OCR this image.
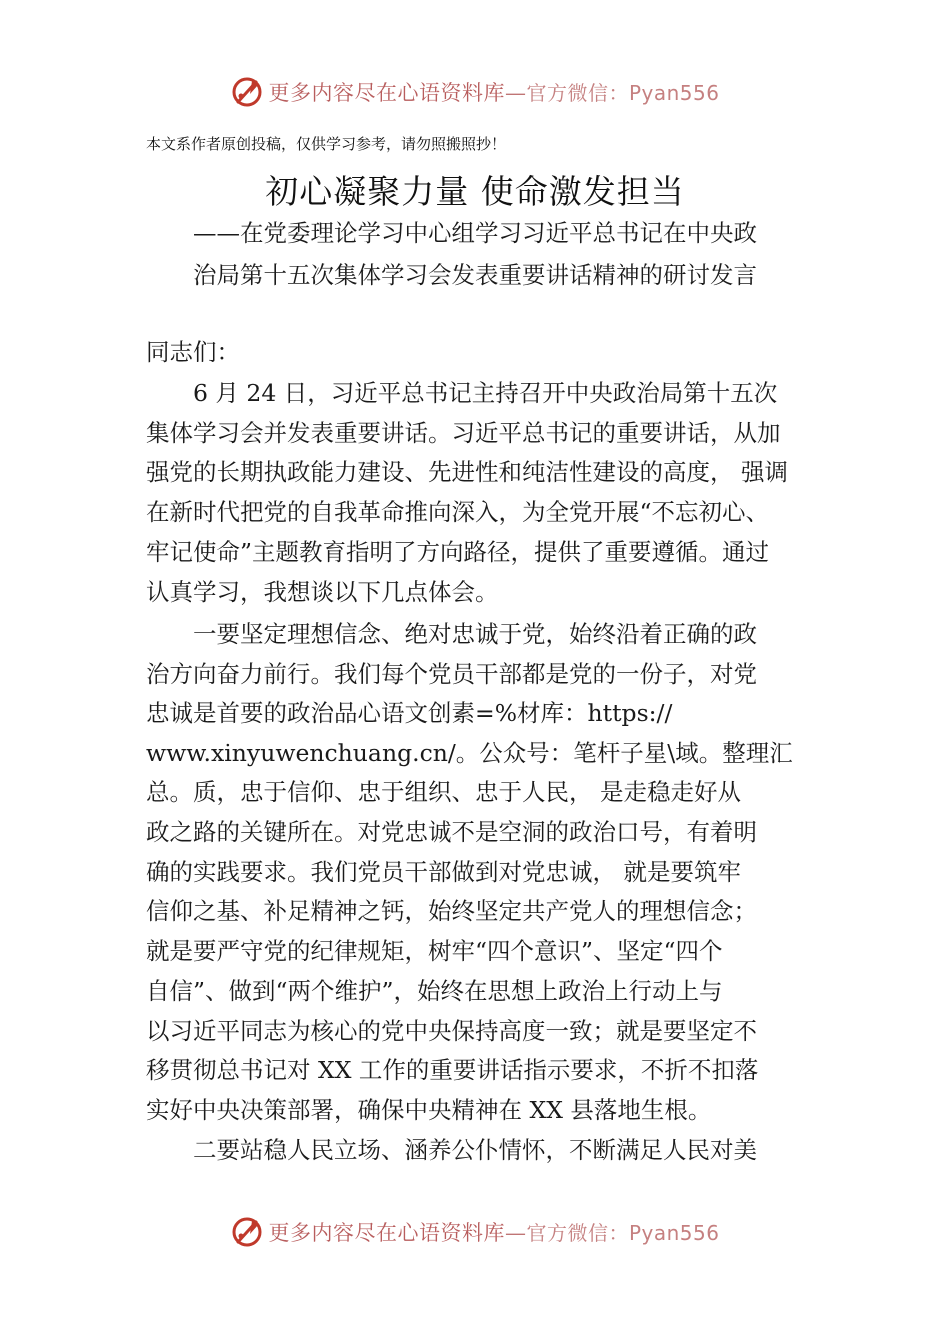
更多内容尽在心语资料库—官方微信：Pyan556
本文系作者原创投稿，仅供学习参考，请勿照搬照抄！
初心凝聚力量 使命激发担当
——在党委理论学习中心组学习习近平总书记在中央政
治局第十五次集体学习会发表重要讲话精神的研讨发言
同志们：
　　6 月 24 日，习近平总书记主持召开中央政治局第十五次
集体学习会并发表重要讲话。习近平总书记的重要讲话，从加
强党的长期执政能力建设、先进性和纯洁性建设的高度， 强调
在新时代把党的自我革命推向深入，为全党开展“不忘初心、
牢记使命”主题教育指明了方向路径，提供了重要遵循。通过
认真学习，我想谈以下几点体会。
　　一要坚定理想信念、绝对忠诚于党，始终沿着正确的政
治方向奋力前行。我们每个党员干部都是党的一份子，对党
忠诚是首要的政治品心语文创素=%材库：https://
www.xinyuwenchuang.cn/。公众号：笔杆子星\域。整理汇
总。质，忠于信仰、忠于组织、忠于人民， 是走稳走好从
政之路的关键所在。对党忠诚不是空洞的政治口号，有着明
确的实践要求。我们党员干部做到对党忠诚， 就是要筑牢
信仰之基、补足精神之钙，始终坚定共产党人的理想信念；
就是要严守党的纪律规矩，树牢“四个意识”、坚定“四个
自信”、做到“两个维护”，始终在思想上政治上行动上与
以习近平同志为核心的党中央保持高度一致；就是要坚定不
移贯彻总书记对 XX 工作的重要讲话指示要求，不折不扣落
实好中央决策部署，确保中央精神在 XX 县落地生根。
　　二要站稳人民立场、涵养公仆情怀，不断满足人民对美
更多内容尽在心语资料库—官方微信：Pyan556
